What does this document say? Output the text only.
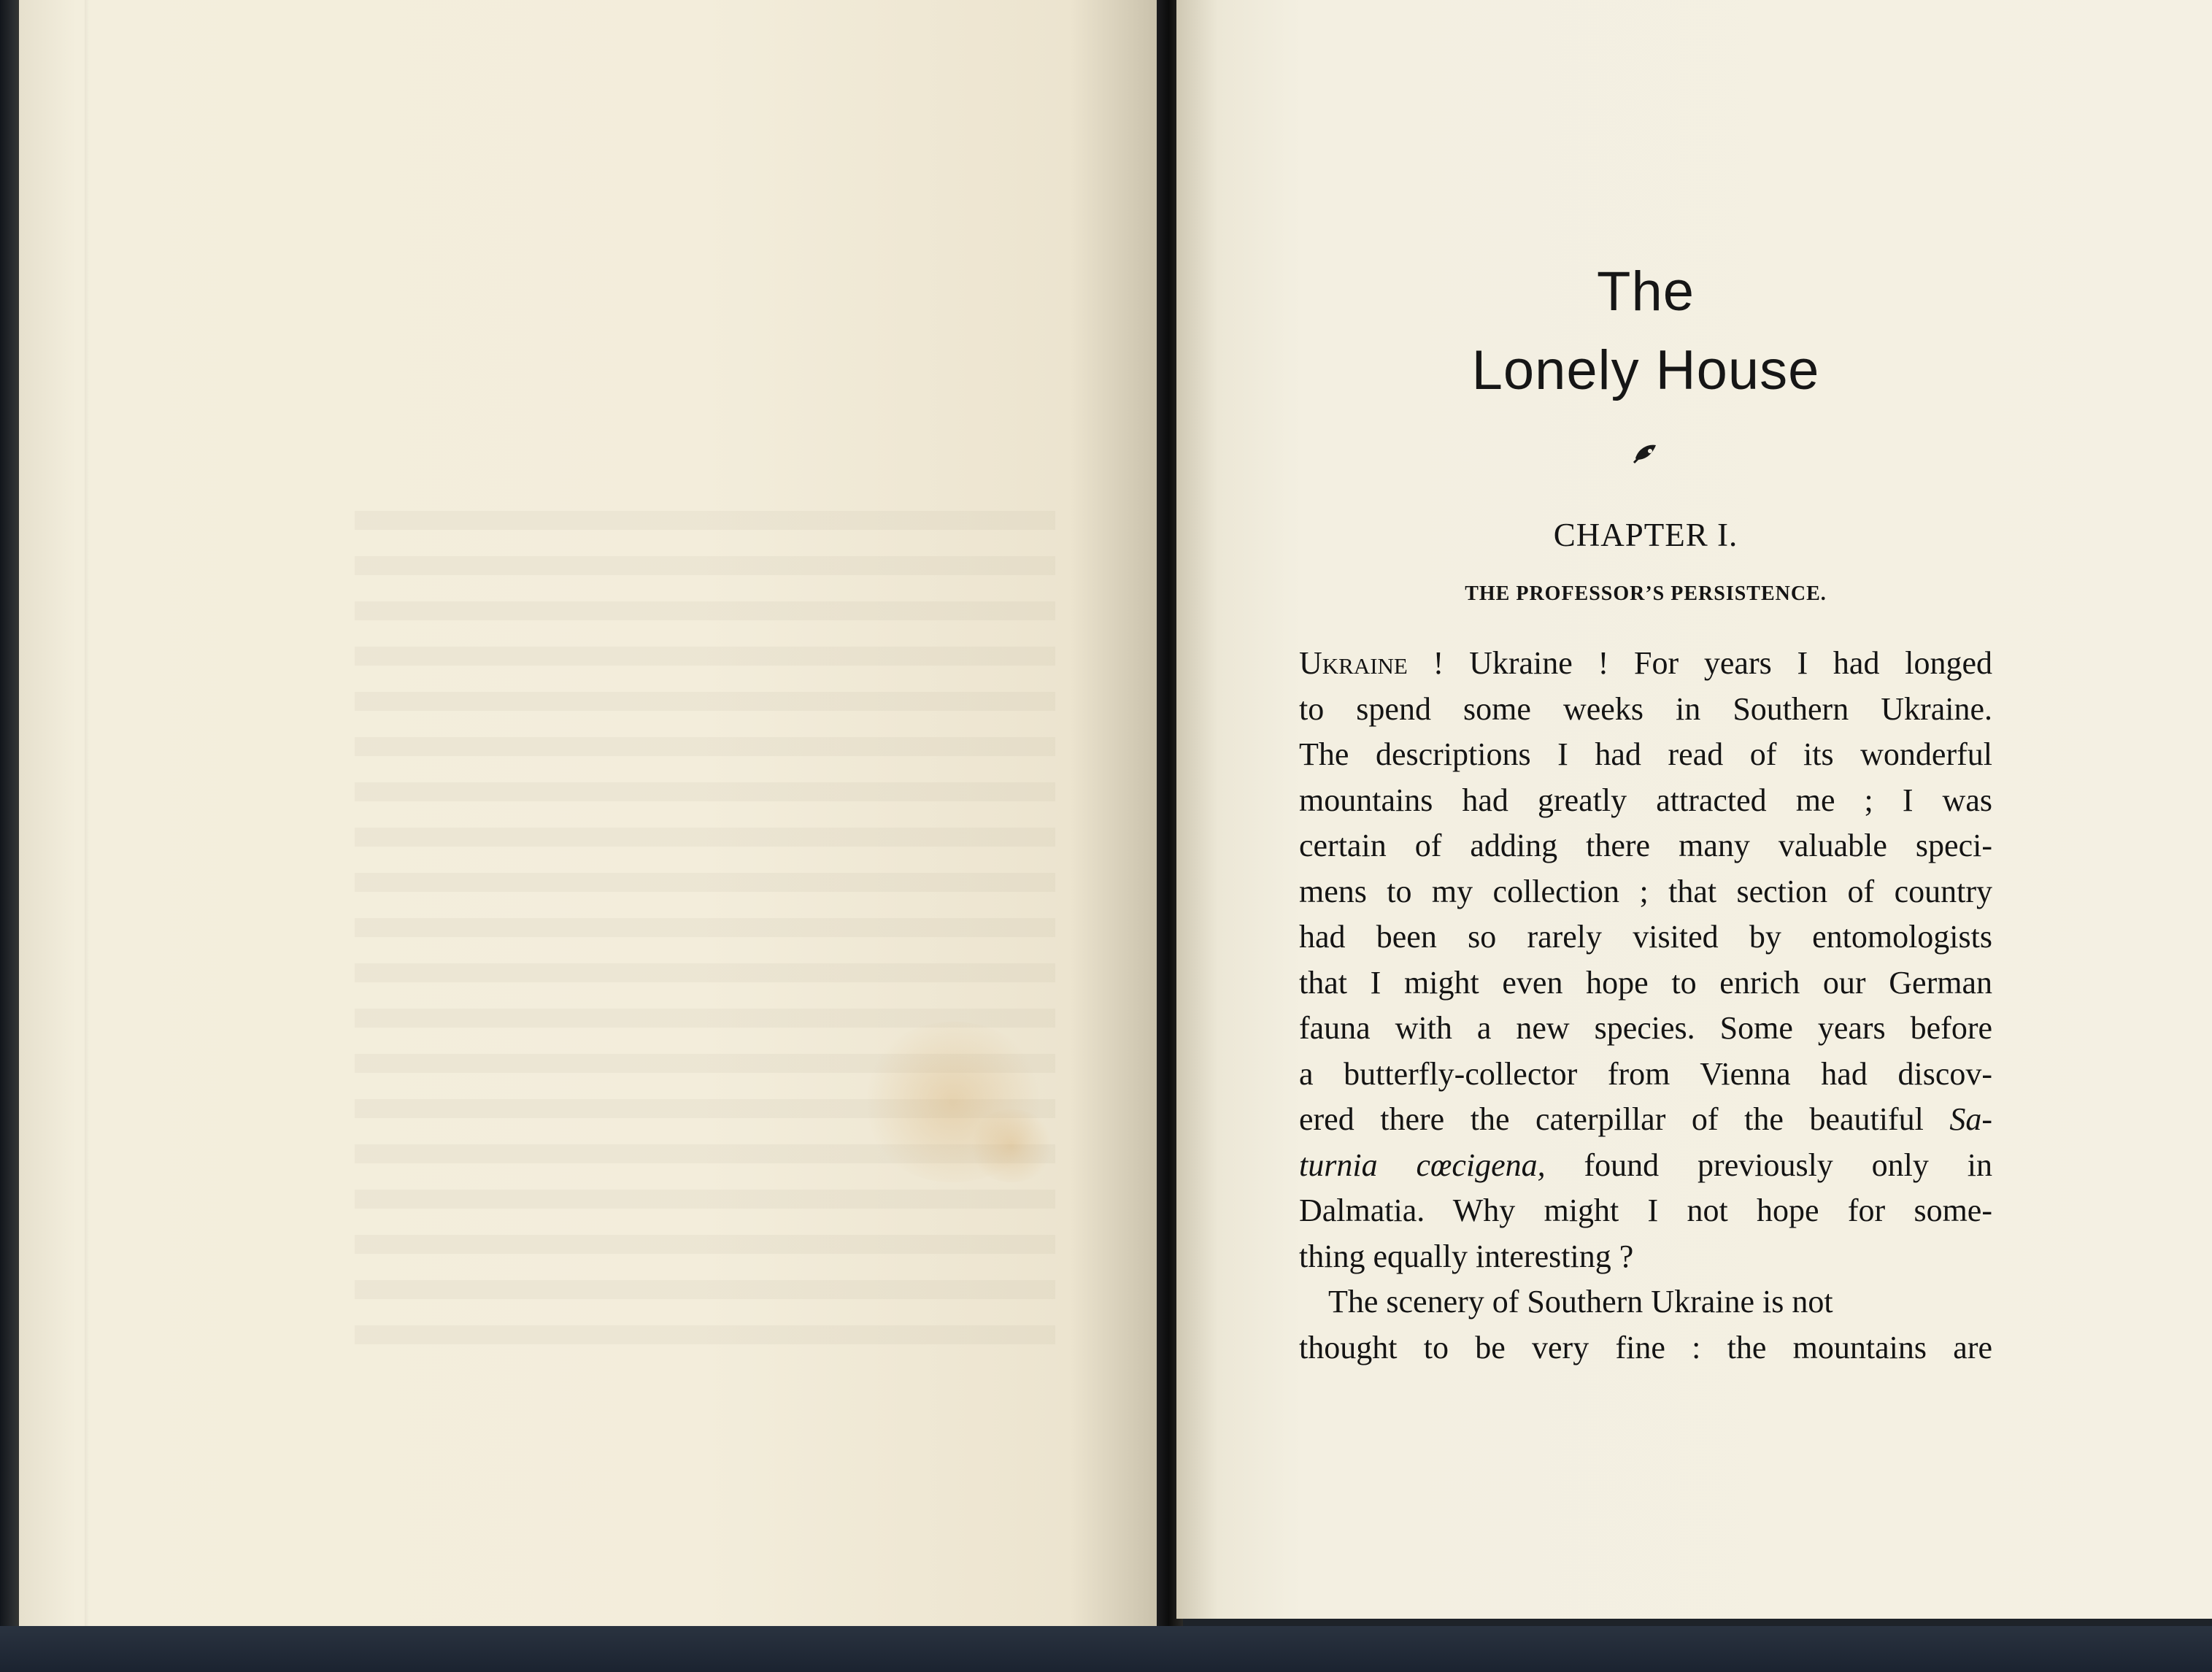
The
Lonely House
CHAPTER I.
THE PROFESSOR’S PERSISTENCE.
Ukraine ! Ukraine ! For years I had longed
to spend some weeks in Southern Ukraine.
The descriptions I had read of its wonderful
mountains had greatly attracted me ; I was
certain of adding there many valuable speci-
mens to my collection ; that section of country
had been so rarely visited by entomologists
that I might even hope to enrich our German
fauna with a new species. Some years before
a butterfly-collector from Vienna had discov-
ered there the caterpillar of the beautiful Sa-
turnia cœcigena, found previously only in
Dalmatia. Why might I not hope for some-
thing equally interesting ?
The scenery of Southern Ukraine is not
thought to be very fine : the mountains are
